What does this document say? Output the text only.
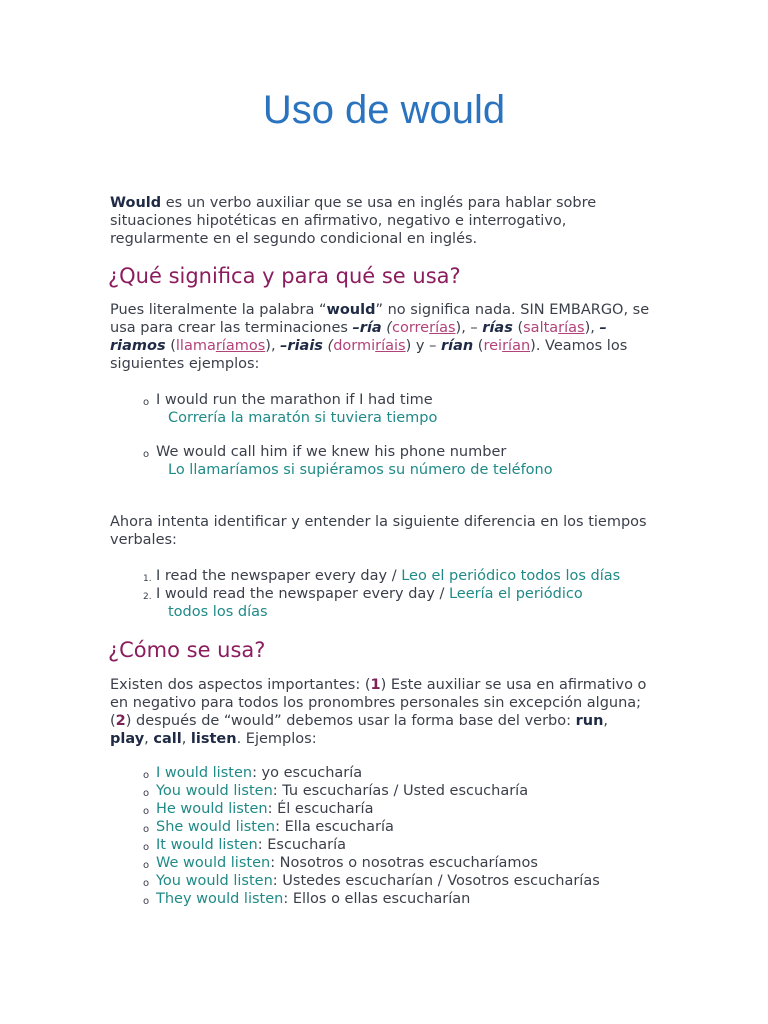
Uso de would

Would es un verbo auxiliar que se usa en inglés para hablar sobre situaciones hipotéticas en afirmativo, negativo e interrogativo, regularmente en el segundo condicional en inglés.

¿Qué significa y para qué se usa?

Pues literalmente la palabra “would” no significa nada. SIN EMBARGO, se usa para crear las terminaciones –ría (correrías), – rías (saltarías), –riamos (llamaríamos), –riais (dormiríais) y – rían (reirían). Veamos los siguientes ejemplos:

o I would run the marathon if I had time
Correría la maratón si tuviera tiempo
o We would call him if we knew his phone number
Lo llamaríamos si supiéramos su número de teléfono

Ahora intenta identificar y entender la siguiente diferencia en los tiempos verbales:

1. I read the newspaper every day / Leo el periódico todos los días
2. I would read the newspaper every day / Leería el periódico
todos los días
¿Cómo se usa?

Existen dos aspectos importantes: (1) Este auxiliar se usa en afirmativo o en negativo para todos los pronombres personales sin excepción alguna; (2) después de “would” debemos usar la forma base del verbo: run, play, call, listen. Ejemplos:

o I would listen: yo escucharía
o You would listen: Tu escucharías / Usted escucharía
o He would listen: Él escucharía
o She would listen: Ella escucharía
o It would listen: Escucharía
o We would listen: Nosotros o nosotras escucharíamos
o You would listen: Ustedes escucharían / Vosotros escucharías
o They would listen: Ellos o ellas escucharían
